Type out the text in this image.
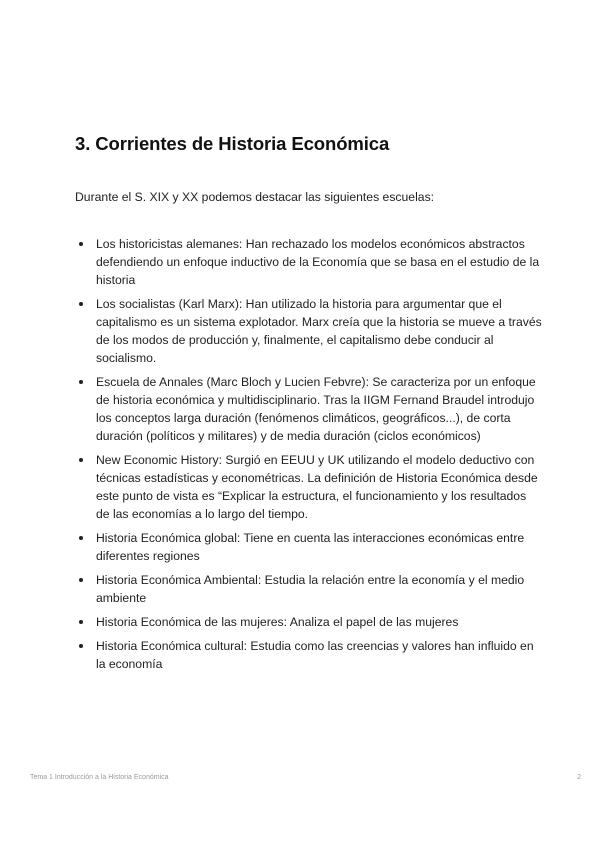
3. Corrientes de Historia Económica

Durante el S. XIX y XX podemos destacar las siguientes escuelas:

Los historicistas alemanes: Han rechazado los modelos económicos abstractos defendiendo un enfoque inductivo de la Economía que se basa en el estudio de la historia
Los socialistas (Karl Marx): Han utilizado la historia para argumentar que el capitalismo es un sistema explotador. Marx creía que la historia se mueve a través de los modos de producción y, finalmente, el capitalismo debe conducir al socialismo.
Escuela de Annales (Marc Bloch y Lucien Febvre): Se caracteriza por un enfoque de historia económica y multidisciplinario. Tras la IIGM Fernand Braudel introdujo los conceptos larga duración (fenómenos climáticos, geográficos...), de corta duración (políticos y militares) y de media duración (ciclos económicos)
New Economic History: Surgió en EEUU y UK utilizando el modelo deductivo con técnicas estadísticas y econométricas. La definición de Historia Económica desde este punto de vista es “Explicar la estructura, el funcionamiento y los resultados de las economías a lo largo del tiempo.
Historia Económica global: Tiene en cuenta las interacciones económicas entre diferentes regiones
Historia Económica Ambiental: Estudia la relación entre la economía y el medio ambiente
Historia Económica de las mujeres: Analiza el papel de las mujeres
Historia Económica cultural: Estudia como las creencias y valores han influido en la economía
Tema 1 Introducción a la Historia Económica	2
